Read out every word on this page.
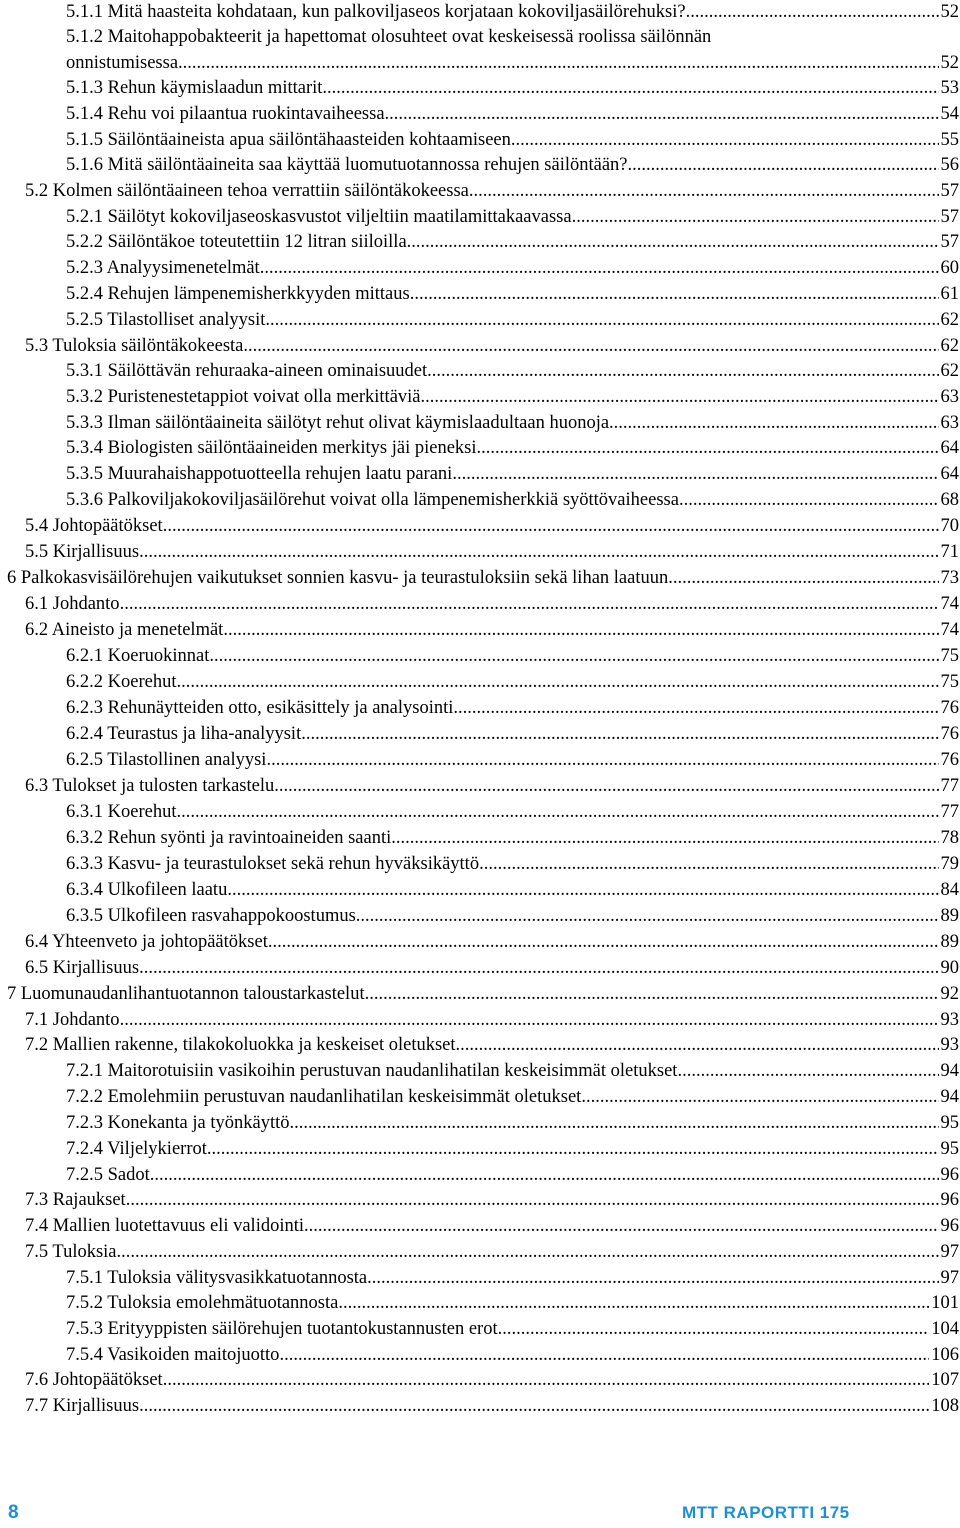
5.1.1 Mitä haasteita kohdataan, kun palkoviljaseos korjataan kokoviljasäilörehuksi? .....	52
5.1.2 Maitohappobakteerit ja hapettomat olosuhteet ovat keskeisessä roolissa säilönnän
onnistumisessa .....	52
5.1.3 Rehun käymislaadun mittarit .....	53
5.1.4 Rehu voi pilaantua ruokintavaiheessa .....	54
5.1.5 Säilöntäaineista apua säilöntähaasteiden kohtaamiseen .....	55
5.1.6 Mitä säilöntäaineita saa käyttää luomutuotannossa rehujen säilöntään? .....	56
5.2 Kolmen säilöntäaineen tehoa verrattiin säilöntäkokeessa .....	57
5.2.1 Säilötyt kokoviljaseoskasvustot viljeltiin maatilamittakaavassa .....	57
5.2.2 Säilöntäkoe toteutettiin 12 litran siiloilla .....	57
5.2.3 Analyysimenetelmät .....	60
5.2.4 Rehujen lämpenemisherkkyyden mittaus .....	61
5.2.5 Tilastolliset analyysit .....	62
5.3 Tuloksia säilöntäkokeesta .....	62
5.3.1 Säilöttävän rehuraaka-aineen ominaisuudet .....	62
5.3.2 Puristenestetappiot voivat olla merkittäviä .....	63
5.3.3 Ilman säilöntäaineita säilötyt rehut olivat käymislaadultaan huonoja .....	63
5.3.4 Biologisten säilöntäaineiden merkitys jäi pieneksi .....	64
5.3.5 Muurahaishappotuotteella rehujen laatu parani .....	64
5.3.6 Palkoviljakokoviljasäilörehut voivat olla lämpenemisherkkiä syöttövaiheessa .....	68
5.4 Johtopäätökset .....	70
5.5 Kirjallisuus .....	71
6 Palkokasvisäilörehujen vaikutukset sonnien kasvu- ja teurastuloksiin sekä lihan laatuun .....	73
6.1 Johdanto .....	74
6.2 Aineisto ja menetelmät .....	74
6.2.1 Koeruokinnat .....	75
6.2.2 Koerehut .....	75
6.2.3 Rehunäytteiden otto, esikäsittely ja analysointi .....	76
6.2.4 Teurastus ja liha-analyysit .....	76
6.2.5 Tilastollinen analyysi .....	76
6.3 Tulokset ja tulosten tarkastelu .....	77
6.3.1 Koerehut .....	77
6.3.2 Rehun syönti ja ravintoaineiden saanti .....	78
6.3.3 Kasvu- ja teurastulokset sekä rehun hyväksikäyttö .....	79
6.3.4 Ulkofileen laatu .....	84
6.3.5 Ulkofileen rasvahappokoostumus .....	89
6.4 Yhteenveto ja johtopäätökset .....	89
6.5 Kirjallisuus .....	90
7 Luomunaudanlihantuotannon taloustarkastelut .....	92
7.1 Johdanto .....	93
7.2 Mallien rakenne, tilakokoluokka ja keskeiset oletukset .....	93
7.2.1 Maitorotuisiin vasikoihin perustuvan naudanlihatilan keskeisimmät oletukset .....	94
7.2.2 Emolehmiin perustuvan naudanlihatilan keskeisimmät oletukset .....	94
7.2.3 Konekanta ja työnkäyttö .....	95
7.2.4 Viljelykierrot .....	95
7.2.5 Sadot .....	96
7.3 Rajaukset .....	96
7.4 Mallien luotettavuus eli validointi .....	96
7.5 Tuloksia .....	97
7.5.1 Tuloksia välitysvasikkatuotannosta .....	97
7.5.2 Tuloksia emolehmätuotannosta .....	101
7.5.3 Erityyppisten säilörehujen tuotantokustannusten erot .....	104
7.5.4 Vasikoiden maitojuotto .....	106
7.6 Johtopäätökset .....	107
7.7 Kirjallisuus .....	108
8	MTT RAPORTTI 175
